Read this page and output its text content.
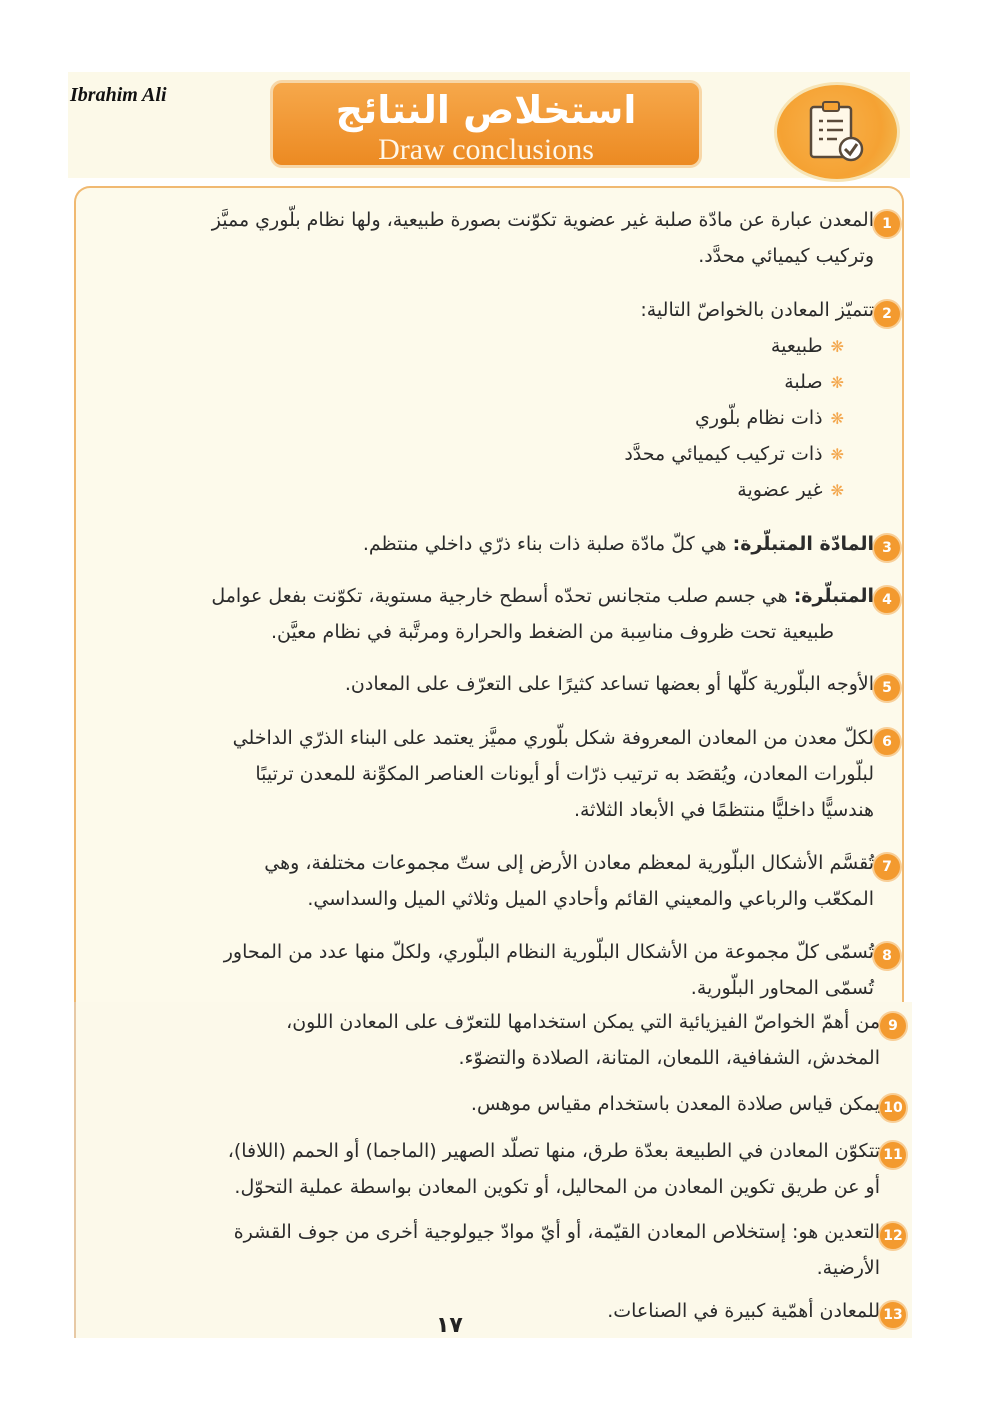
Ibrahim Ali	استخلاص النتائج
Draw conclusions
1
المعدن عبارة عن مادّة صلبة غير عضوية تكوّنت بصورة طبيعية، ولها نظام بلّوري مميَّز
وتركيب كيميائي محدَّد.
2
تتميّز المعادن بالخواصّ التالية:
❋طبيعية
❋صلبة
❋ذات نظام بلّوري
❋ذات تركيب كيميائي محدَّد
❋غير عضوية
3
المادّة المتبلّرة: هي كلّ مادّة صلبة ذات بناء ذرّي داخلي منتظم.
4
المتبلّرة: هي جسم صلب متجانس تحدّه أسطح خارجية مستوية، تكوّنت بفعل عوامل
طبيعية تحت ظروف مناسِبة من الضغط والحرارة ومرتَّبة في نظام معيَّن.
5
الأوجه البلّورية كلّها أو بعضها تساعد كثيرًا على التعرّف على المعادن.
6
لكلّ معدن من المعادن المعروفة شكل بلّوري مميَّز يعتمد على البناء الذرّي الداخلي
لبلّورات المعادن، ويُقصَد به ترتيب ذرّات أو أيونات العناصر المكوِّنة للمعدن ترتيبًا
هندسيًّا داخليًّا منتظمًا في الأبعاد الثلاثة.
7
تُقسَّم الأشكال البلّورية لمعظم معادن الأرض إلى ستّ مجموعات مختلفة، وهي
المكعّب والرباعي والمعيني القائم وأحادي الميل وثلاثي الميل والسداسي.
8
تُسمّى كلّ مجموعة من الأشكال البلّورية النظام البلّوري، ولكلّ منها عدد من المحاور
تُسمّى المحاور البلّورية.
9
من أهمّ الخواصّ الفيزيائية التي يمكن استخدامها للتعرّف على المعادن اللون،
المخدش، الشفافية، اللمعان، المتانة، الصلادة والتضوّء.
10
يمكن قياس صلادة المعدن باستخدام مقياس موهس.
11
تتكوّن المعادن في الطبيعة بعدّة طرق، منها تصلّد الصهير (الماجما) أو الحمم (اللافا)،
أو عن طريق تكوين المعادن من المحاليل، أو تكوين المعادن بواسطة عملية التحوّل.
12
التعدين هو: إستخلاص المعادن القيّمة، أو أيّ موادّ جيولوجية أخرى من جوف القشرة
الأرضية.
13
للمعادن أهمّية كبيرة في الصناعات.
١٧
